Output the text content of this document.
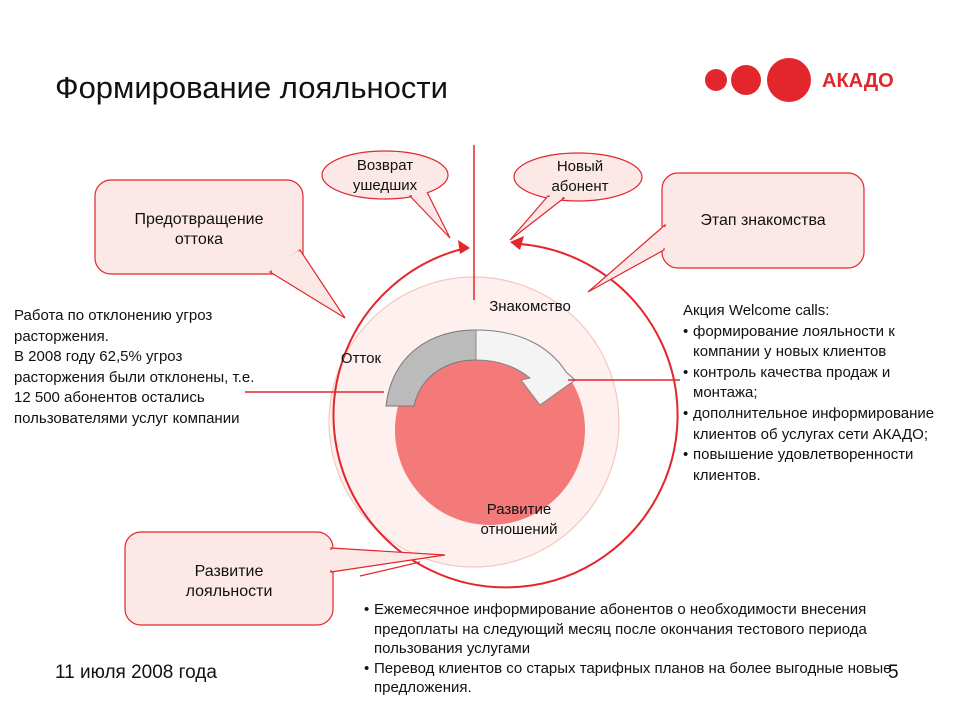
Формирование лояльности	АКАДО
Возврат ушедших
Новый абонент
Предотвращение оттока
Этап знакомства
Развитие лояльности
Знакомство
Отток
Развитие отношений
Работа по отклонению угроз расторжения.
В 2008 году 62,5% угроз расторжения были отклонены, т.е. 12 500 абонентов остались пользователями услуг компании
Акция Welcome calls:
• формирование лояльности к компании у новых клиентов
• контроль качества продаж и монтажа;
• дополнительное информирование клиентов об услугах сети АКАДО;
• повышение удовлетворенности клиентов.
• Ежемесячное информирование абонентов о необходимости внесения предоплаты на следующий месяц после окончания тестового периода пользования услугами
• Перевод клиентов со старых тарифных планов на более выгодные новые предложения.
11 июля 2008 года	5
